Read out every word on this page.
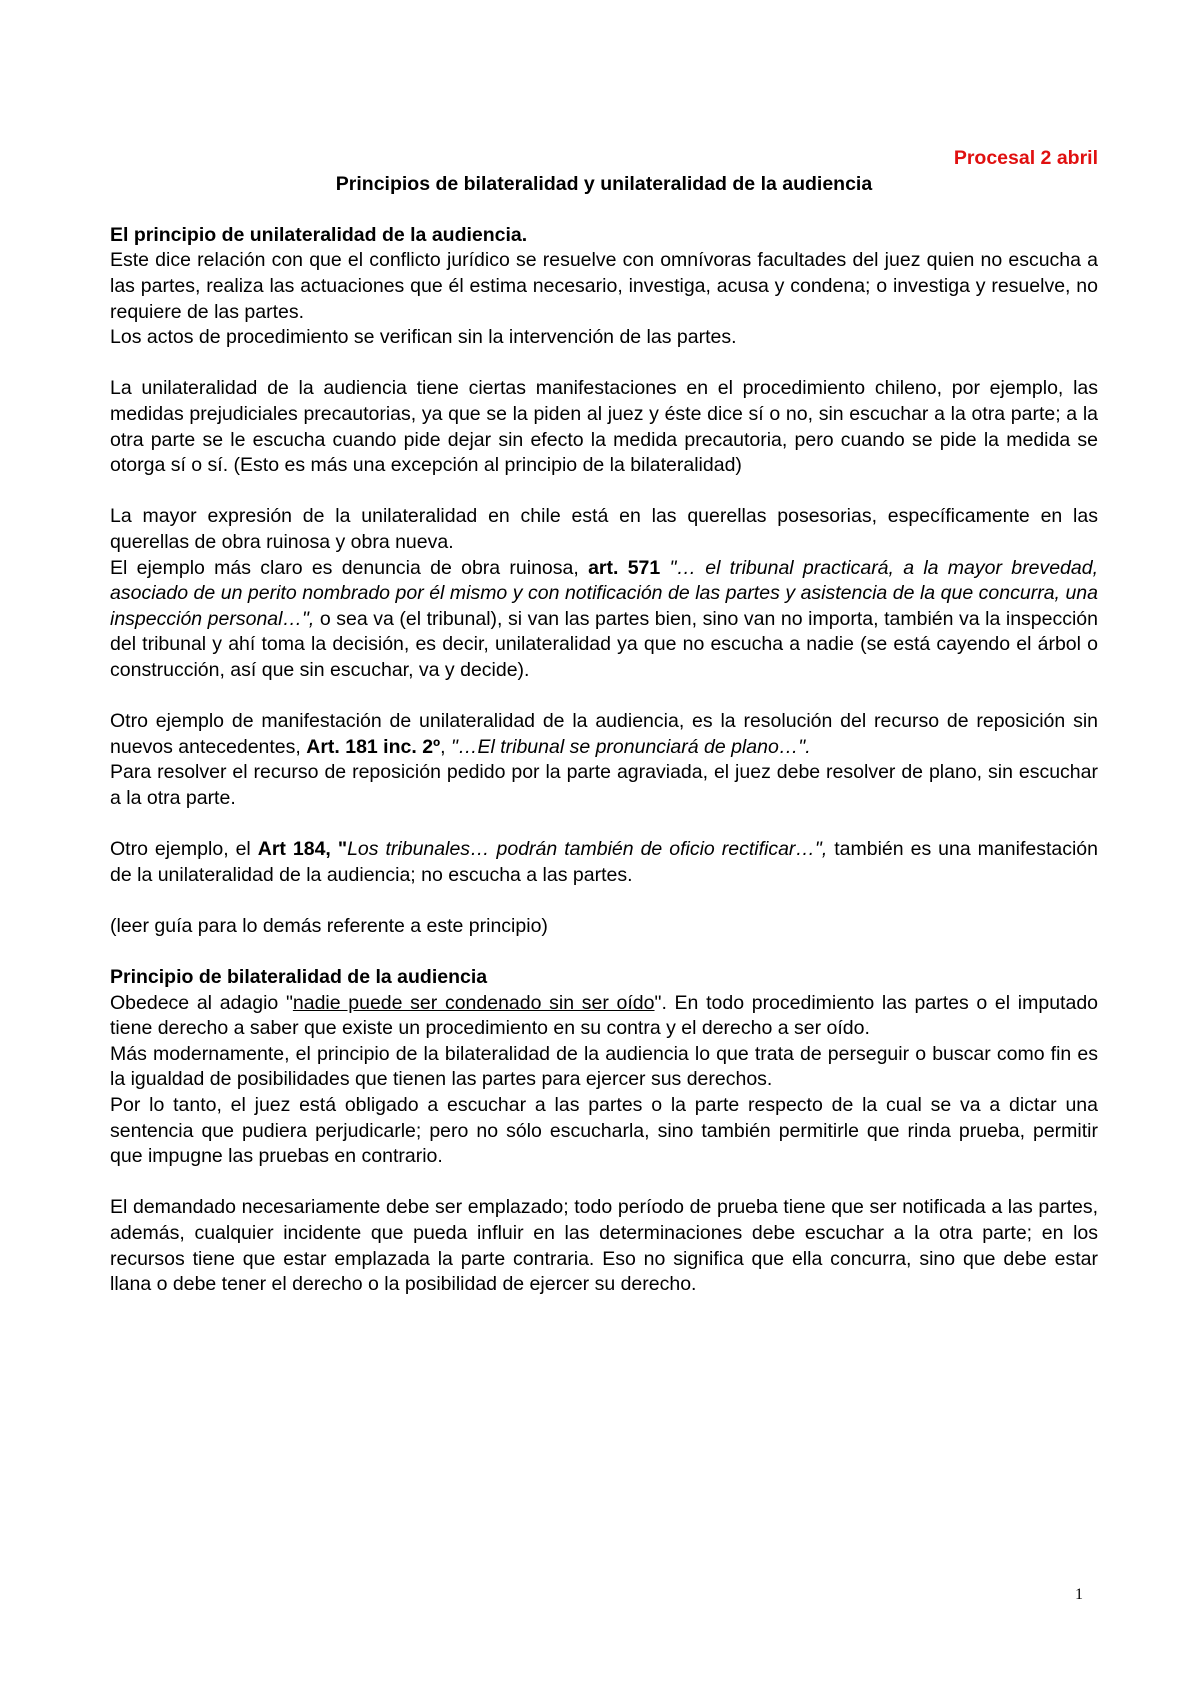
Procesal 2 abril

Principios de bilateralidad y unilateralidad de la audiencia

El principio de unilateralidad de la audiencia.

Este dice relación con que el conflicto jurídico se resuelve con omnívoras facultades del juez quien no escucha a las partes, realiza las actuaciones que él estima necesario, investiga, acusa y condena; o investiga y resuelve, no requiere de las partes.

Los actos de procedimiento se verifican sin la intervención de las partes.

La unilateralidad de la audiencia tiene ciertas manifestaciones en el procedimiento chileno, por ejemplo, las medidas prejudiciales precautorias, ya que se la piden al juez y éste dice sí o no, sin escuchar a la otra parte; a la otra parte se le escucha cuando pide dejar sin efecto la medida precautoria, pero cuando se pide la medida se otorga sí o sí. (Esto es más una excepción al principio de la bilateralidad)

La mayor expresión de la unilateralidad en chile está en las querellas posesorias, específicamente en las querellas de obra ruinosa y obra nueva.

El ejemplo más claro es denuncia de obra ruinosa, art. 571 "… el tribunal practicará, a la mayor brevedad, asociado de un perito nombrado por él mismo y con notificación de las partes y asistencia de la que concurra, una inspección personal…", o sea va (el tribunal), si van las partes bien, sino van no importa, también va la inspección del tribunal y ahí toma la decisión, es decir, unilateralidad ya que no escucha a nadie (se está cayendo el árbol o construcción, así que sin escuchar, va y decide).

Otro ejemplo de manifestación de unilateralidad de la audiencia, es la resolución del recurso de reposición sin nuevos antecedentes, Art. 181 inc. 2º, "…El tribunal se pronunciará de plano…".

Para resolver el recurso de reposición pedido por la parte agraviada, el juez debe resolver de plano, sin escuchar a la otra parte.

Otro ejemplo, el Art 184, "Los tribunales… podrán también de oficio rectificar…", también es una manifestación de la unilateralidad de la audiencia; no escucha a las partes.

(leer guía para lo demás referente a este principio)

Principio de bilateralidad de la audiencia

Obedece al adagio "nadie puede ser condenado sin ser oído". En todo procedimiento las partes o el imputado tiene derecho a saber que existe un procedimiento en su contra y el derecho a ser oído.

Más modernamente, el principio de la bilateralidad de la audiencia lo que trata de perseguir o buscar como fin es la igualdad de posibilidades que tienen las partes para ejercer sus derechos.

Por lo tanto, el juez está obligado a escuchar a las partes o la parte respecto de la cual se va a dictar una sentencia que pudiera perjudicarle; pero no sólo escucharla, sino también permitirle que rinda prueba, permitir que impugne las pruebas en contrario.

El demandado necesariamente debe ser emplazado; todo período de prueba tiene que ser notificada a las partes, además, cualquier incidente que pueda influir en las determinaciones debe escuchar a la otra parte; en los recursos tiene que estar emplazada la parte contraria. Eso no significa que ella concurra, sino que debe estar llana o debe tener el derecho o la posibilidad de ejercer su derecho.

1
